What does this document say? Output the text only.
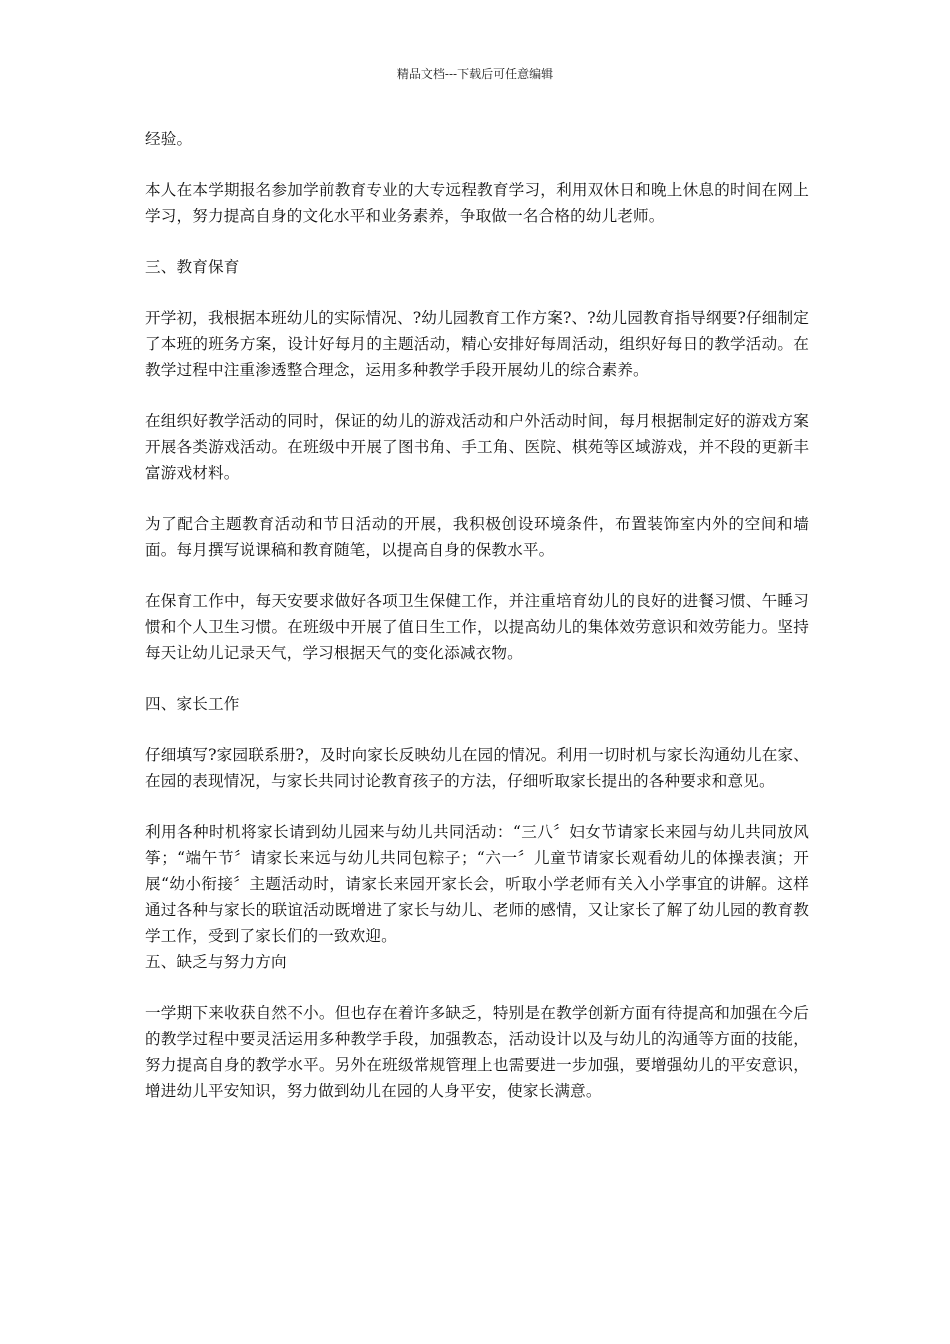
精品文档---下载后可任意编辑

经验。

本人在本学期报名参加学前教育专业的大专远程教育学习，利用双休日和晚上休息的时间在网上学习，努力提高自身的文化水平和业务素养，争取做一名合格的幼儿老师。

三、教育保育

开学初，我根据本班幼儿的实际情况、?幼儿园教育工作方案?、?幼儿园教育指导纲要?仔细制定了本班的班务方案，设计好每月的主题活动，精心安排好每周活动，组织好每日的教学活动。在教学过程中注重渗透整合理念，运用多种教学手段开展幼儿的综合素养。

在组织好教学活动的同时，保证的幼儿的游戏活动和户外活动时间，每月根据制定好的游戏方案开展各类游戏活动。在班级中开展了图书角、手工角、医院、棋苑等区域游戏，并不段的更新丰富游戏材料。

为了配合主题教育活动和节日活动的开展，我积极创设环境条件，布置装饰室内外的空间和墙面。每月撰写说课稿和教育随笔，以提高自身的保教水平。

在保育工作中，每天安要求做好各项卫生保健工作，并注重培育幼儿的良好的进餐习惯、午睡习惯和个人卫生习惯。在班级中开展了值日生工作，以提高幼儿的集体效劳意识和效劳能力。坚持每天让幼儿记录天气，学习根据天气的变化添减衣物。

四、家长工作

仔细填写?家园联系册?，及时向家长反映幼儿在园的情况。利用一切时机与家长沟通幼儿在家、在园的表现情况，与家长共同讨论教育孩子的方法，仔细听取家长提出的各种要求和意见。

利用各种时机将家长请到幼儿园来与幼儿共同活动：“三八〞妇女节请家长来园与幼儿共同放风筝；“端午节〞请家长来远与幼儿共同包粽子；“六一〞儿童节请家长观看幼儿的体操表演；开展“幼小衔接〞主题活动时，请家长来园开家长会，听取小学老师有关入小学事宜的讲解。这样通过各种与家长的联谊活动既增进了家长与幼儿、老师的感情，又让家长了解了幼儿园的教育教学工作，受到了家长们的一致欢迎。

五、缺乏与努力方向

一学期下来收获自然不小。但也存在着许多缺乏，特别是在教学创新方面有待提高和加强在今后的教学过程中要灵活运用多种教学手段，加强教态，活动设计以及与幼儿的沟通等方面的技能，努力提高自身的教学水平。另外在班级常规管理上也需要进一步加强，要增强幼儿的平安意识，增进幼儿平安知识，努力做到幼儿在园的人身平安，使家长满意。
